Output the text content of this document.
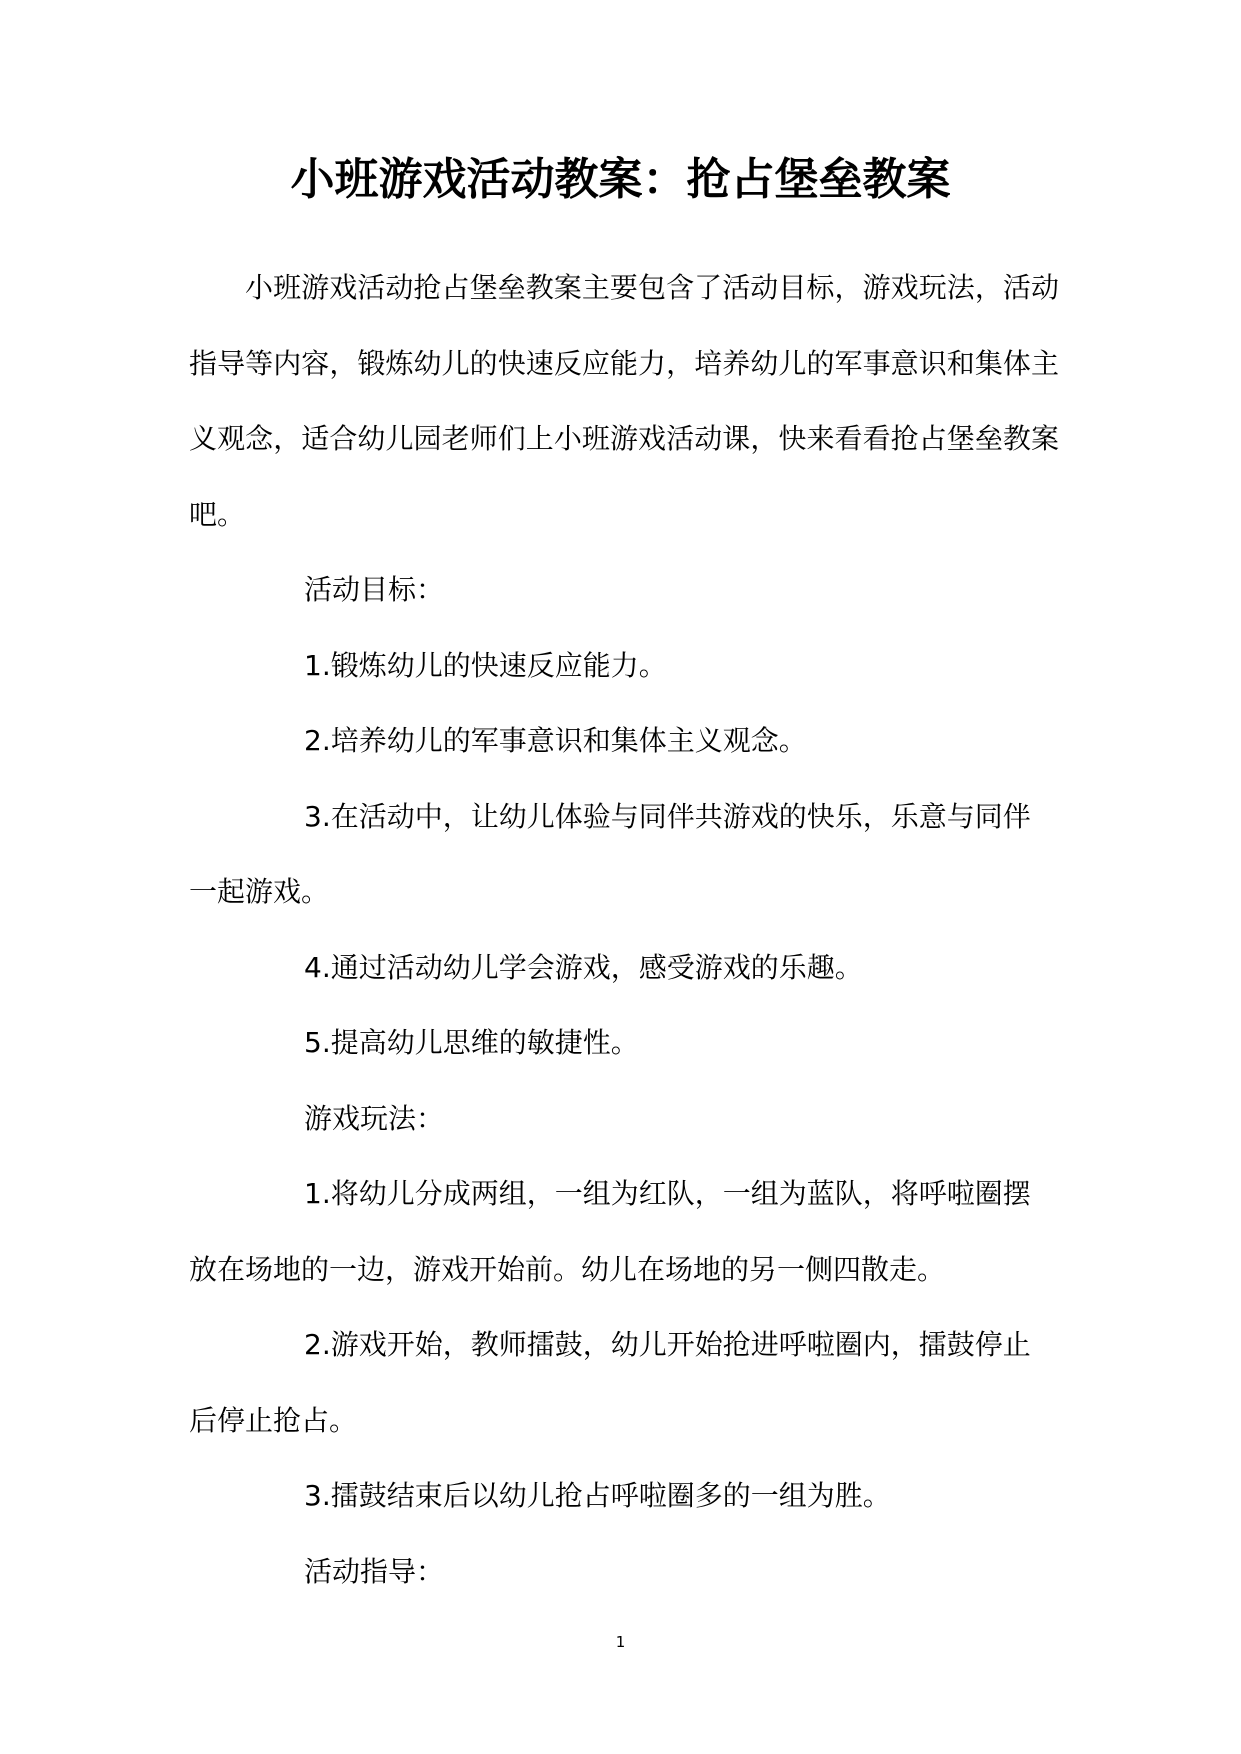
小班游戏活动教案：抢占堡垒教案

小班游戏活动抢占堡垒教案主要包含了活动目标，游戏玩法，活动指导等内容，锻炼幼儿的快速反应能力，培养幼儿的军事意识和集体主义观念，适合幼儿园老师们上小班游戏活动课，快来看看抢占堡垒教案吧。

活动目标：

1.锻炼幼儿的快速反应能力。

2.培养幼儿的军事意识和集体主义观念。

3.在活动中，让幼儿体验与同伴共游戏的快乐，乐意与同伴

一起游戏。

4.通过活动幼儿学会游戏，感受游戏的乐趣。

5.提高幼儿思维的敏捷性。

游戏玩法：

1.将幼儿分成两组，一组为红队，一组为蓝队，将呼啦圈摆

放在场地的一边，游戏开始前。幼儿在场地的另一侧四散走。

2.游戏开始，教师擂鼓，幼儿开始抢进呼啦圈内，擂鼓停止

后停止抢占。

3.擂鼓结束后以幼儿抢占呼啦圈多的一组为胜。

活动指导：

1
